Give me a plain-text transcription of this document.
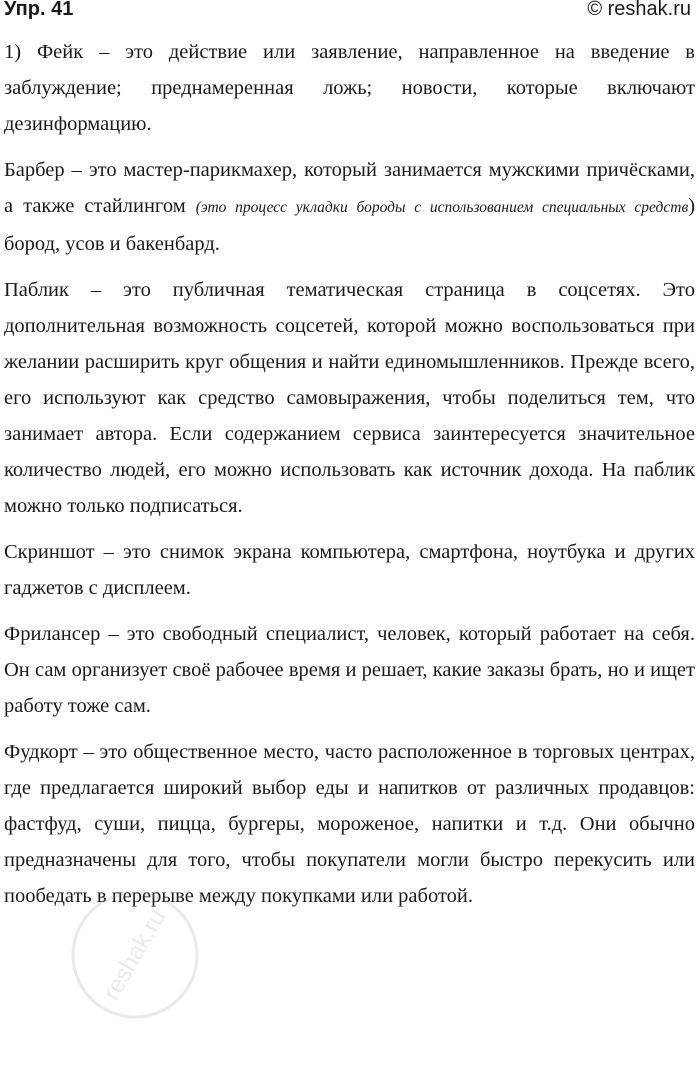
Упр. 41	© reshak.ru

1) Фейк – это действие или заявление, направленное на введение в заблуждение; преднамеренная ложь; новости, которые включают дезинформацию.

Барбер – это мастер-парикмахер, который занимается мужскими причёсками, а также стайлингом (это процесс укладки бороды с использованием специальных средств) бород, усов и бакенбард.

Паблик – это публичная тематическая страница в соцсетях. Это дополнительная возможность соцсетей, которой можно воспользоваться при желании расширить круг общения и найти единомышленников. Прежде всего, его используют как средство самовыражения, чтобы поделиться тем, что занимает автора. Если содержанием сервиса заинтересуется значительное количество людей, его можно использовать как источник дохода. На паблик можно только подписаться.

Скриншот – это снимок экрана компьютера, смартфона, ноутбука и других гаджетов с дисплеем.

Фрилансер – это свободный специалист, человек, который работает на себя. Он сам организует своё рабочее время и решает, какие заказы брать, но и ищет работу тоже сам.

Фудкорт – это общественное место, часто расположенное в торговых центрах, где предлагается широкий выбор еды и напитков от различных продавцов: фастфуд, суши, пицца, бургеры, мороженое, напитки и т.д. Они обычно предназначены для того, чтобы покупатели могли быстро перекусить или пообедать в перерыве между покупками или работой.

reshak.ru
